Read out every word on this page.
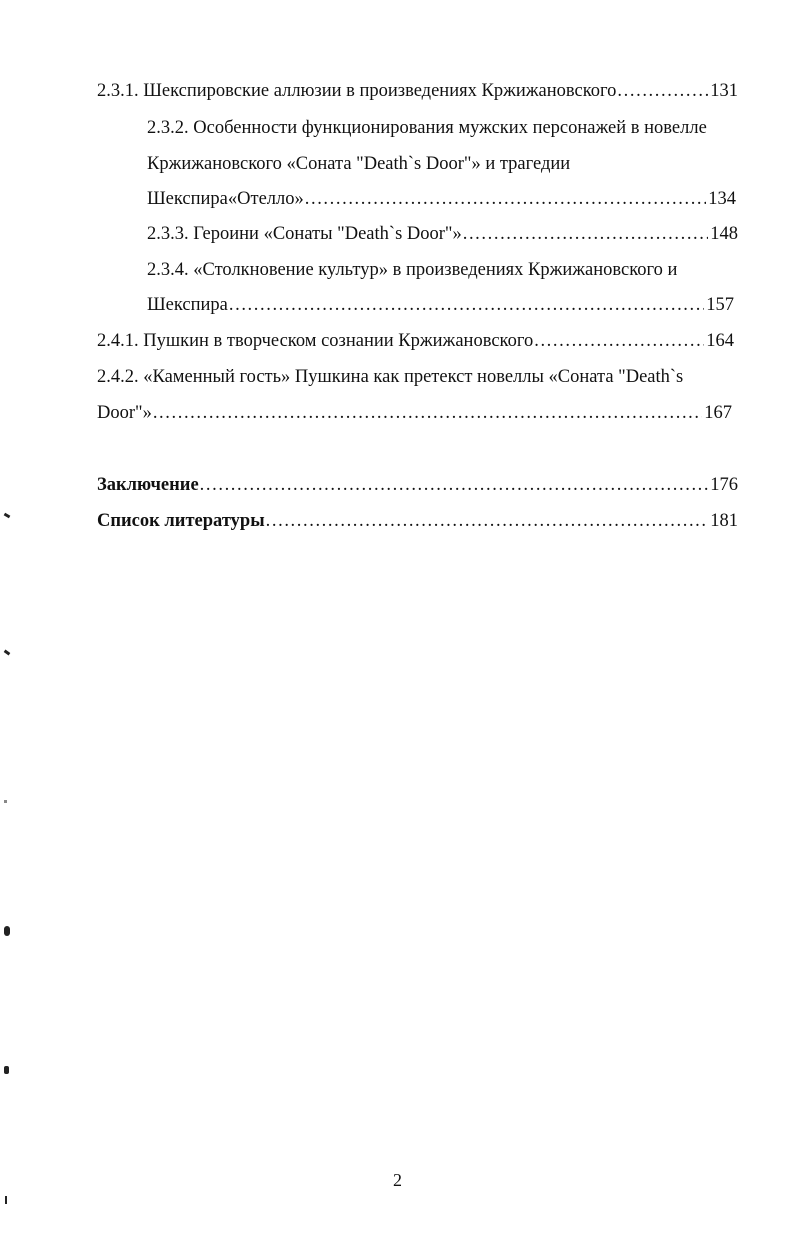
2.3.1. Шекспировские аллюзии в произведениях Кржижановского .....	131
2.3.2. Особенности функционирования мужских персонажей в новелле
Кржижановского «Соната "Death`s Door"» и трагедии
Шекспира«Отелло» .....	134
2.3.3. Героини «Сонаты "Death`s Door"» .....	148
2.3.4. «Столкновение культур» в произведениях Кржижановского и
Шекспира .....	157
2.4.1. Пушкин в творческом сознании Кржижановского .....	164
2.4.2. «Каменный гость» Пушкина как претекст новеллы «Соната "Death`s
Door"» .....	167
Заключение .....	176
Список литературы .....	181
2
